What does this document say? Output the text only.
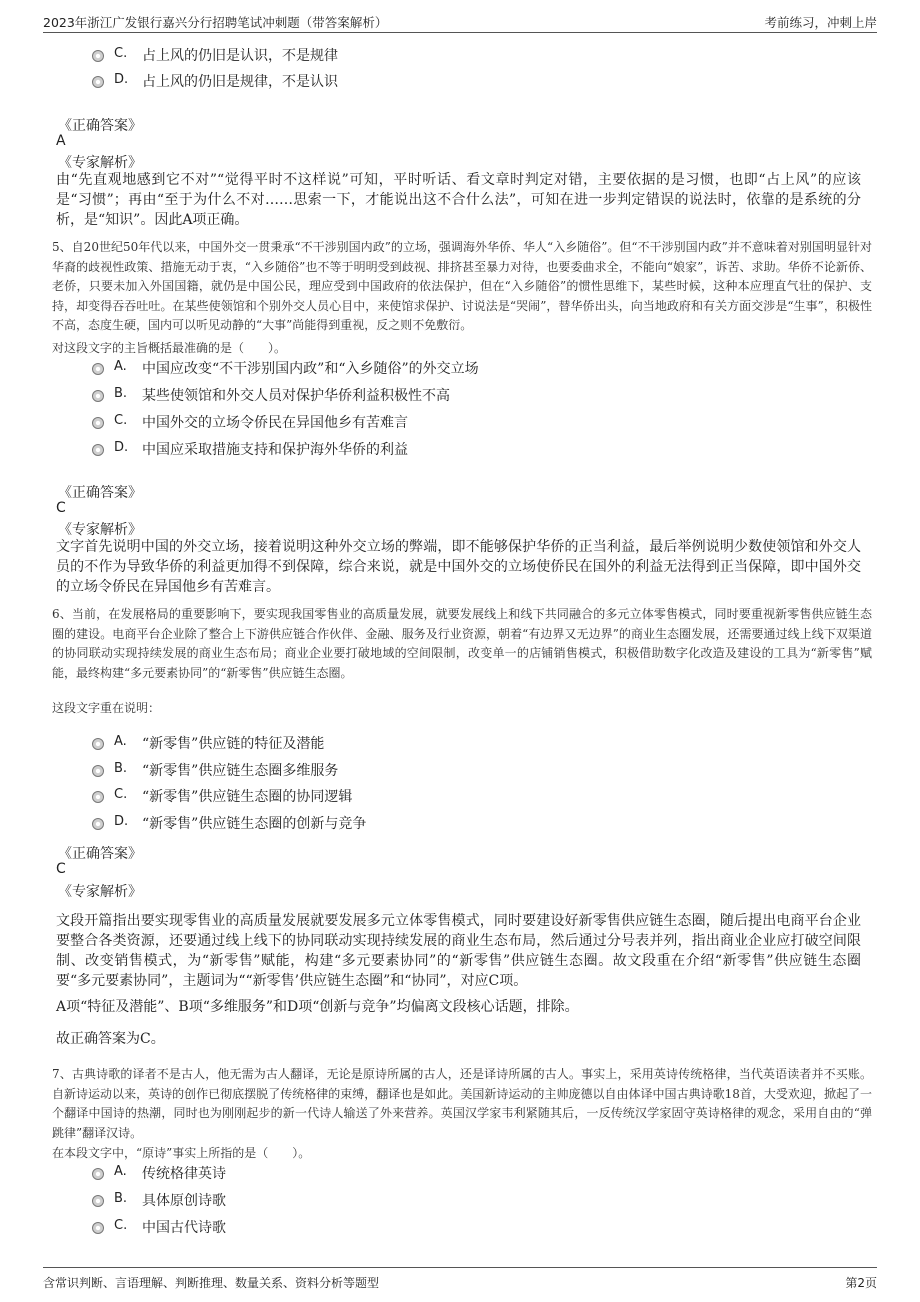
2023年浙江广发银行嘉兴分行招聘笔试冲刺题（带答案解析）	考前练习，冲刺上岸
C. 占上风的仍旧是认识，不是规律
D. 占上风的仍旧是规律，不是认识
《正确答案》
A
《专家解析》
由“先直观地感到它不对”“觉得平时不这样说”可知，平时听话、看文章时判定对错，主要依据的是习惯，也即“占上风”的应该是“习惯”；再由“至于为什么不对……思索一下，才能说出这不合什么法”，可知在进一步判定错误的说法时，依靠的是系统的分析，是“知识”。因此A项正确。
5、自20世纪50年代以来，中国外交一贯秉承“不干涉别国内政”的立场，强调海外华侨、华人“入乡随俗”。但“不干涉别国内政”并不意味着对别国明显针对华裔的歧视性政策、措施无动于衷，“入乡随俗”也不等于明明受到歧视、排挤甚至暴力对待，也要委曲求全，不能向“娘家”，诉苦、求助。华侨不论新侨、老侨，只要未加入外国国籍，就仍是中国公民，理应受到中国政府的依法保护，但在“入乡随俗”的惯性思维下，某些时候，这种本应理直气壮的保护、支持，却变得吞吞吐吐。在某些使领馆和个别外交人员心目中，来使馆求保护、讨说法是“哭闹”，替华侨出头，向当地政府和有关方面交涉是“生事”，积极性不高，态度生硬，国内可以听见动静的“大事”尚能得到重视，反之则不免敷衍。
对这段文字的主旨概括最准确的是（　　）。
A. 中国应改变“不干涉别国内政”和“入乡随俗”的外交立场
B. 某些使领馆和外交人员对保护华侨利益积极性不高
C. 中国外交的立场令侨民在异国他乡有苦难言
D. 中国应采取措施支持和保护海外华侨的利益
《正确答案》
C
《专家解析》
文字首先说明中国的外交立场，接着说明这种外交立场的弊端，即不能够保护华侨的正当利益，最后举例说明少数使领馆和外交人员的不作为导致华侨的利益更加得不到保障，综合来说，就是中国外交的立场使侨民在国外的利益无法得到正当保障，即中国外交的立场令侨民在异国他乡有苦难言。
6、当前，在发展格局的重要影响下，要实现我国零售业的高质量发展，就要发展线上和线下共同融合的多元立体零售模式，同时要重视新零售供应链生态圈的建设。电商平台企业除了整合上下游供应链合作伙伴、金融、服务及行业资源，朝着“有边界又无边界”的商业生态圈发展，还需要通过线上线下双渠道的协同联动实现持续发展的商业生态布局；商业企业要打破地域的空间限制，改变单一的店铺销售模式，积极借助数字化改造及建设的工具为“新零售”赋能，最终构建“多元要素协同”的“新零售”供应链生态圈。
这段文字重在说明：
A. “新零售”供应链的特征及潜能
B. “新零售”供应链生态圈多维服务
C. “新零售”供应链生态圈的协同逻辑
D. “新零售”供应链生态圈的创新与竞争
《正确答案》
C
《专家解析》
文段开篇指出要实现零售业的高质量发展就要发展多元立体零售模式，同时要建设好新零售供应链生态圈，随后提出电商平台企业要整合各类资源，还要通过线上线下的协同联动实现持续发展的商业生态布局，然后通过分号表并列，指出商业企业应打破空间限制、改变销售模式，为“新零售”赋能，构建“多元要素协同”的“新零售”供应链生态圈。故文段重在介绍“新零售”供应链生态圈要“多元要素协同”，主题词为““新零售’供应链生态圈”和“协同”，对应C项。
A项“特征及潜能”、B项“多维服务”和D项“创新与竞争”均偏离文段核心话题，排除。
故正确答案为C。
7、古典诗歌的译者不是古人，他无需为古人翻译，无论是原诗所属的古人，还是译诗所属的古人。事实上，采用英诗传统格律，当代英语读者并不买账。自新诗运动以来，英诗的创作已彻底摆脱了传统格律的束缚，翻译也是如此。美国新诗运动的主帅庞德以自由体译中国古典诗歌18首，大受欢迎，掀起了一个翻译中国诗的热潮，同时也为刚刚起步的新一代诗人输送了外来营养。英国汉学家韦利紧随其后，一反传统汉学家固守英诗格律的观念，采用自由的“弹跳律”翻译汉诗。
在本段文字中，“原诗”事实上所指的是（　　）。
A. 传统格律英诗
B. 具体原创诗歌
C. 中国古代诗歌
含常识判断、言语理解、判断推理、数量关系、资料分析等题型	第2页
